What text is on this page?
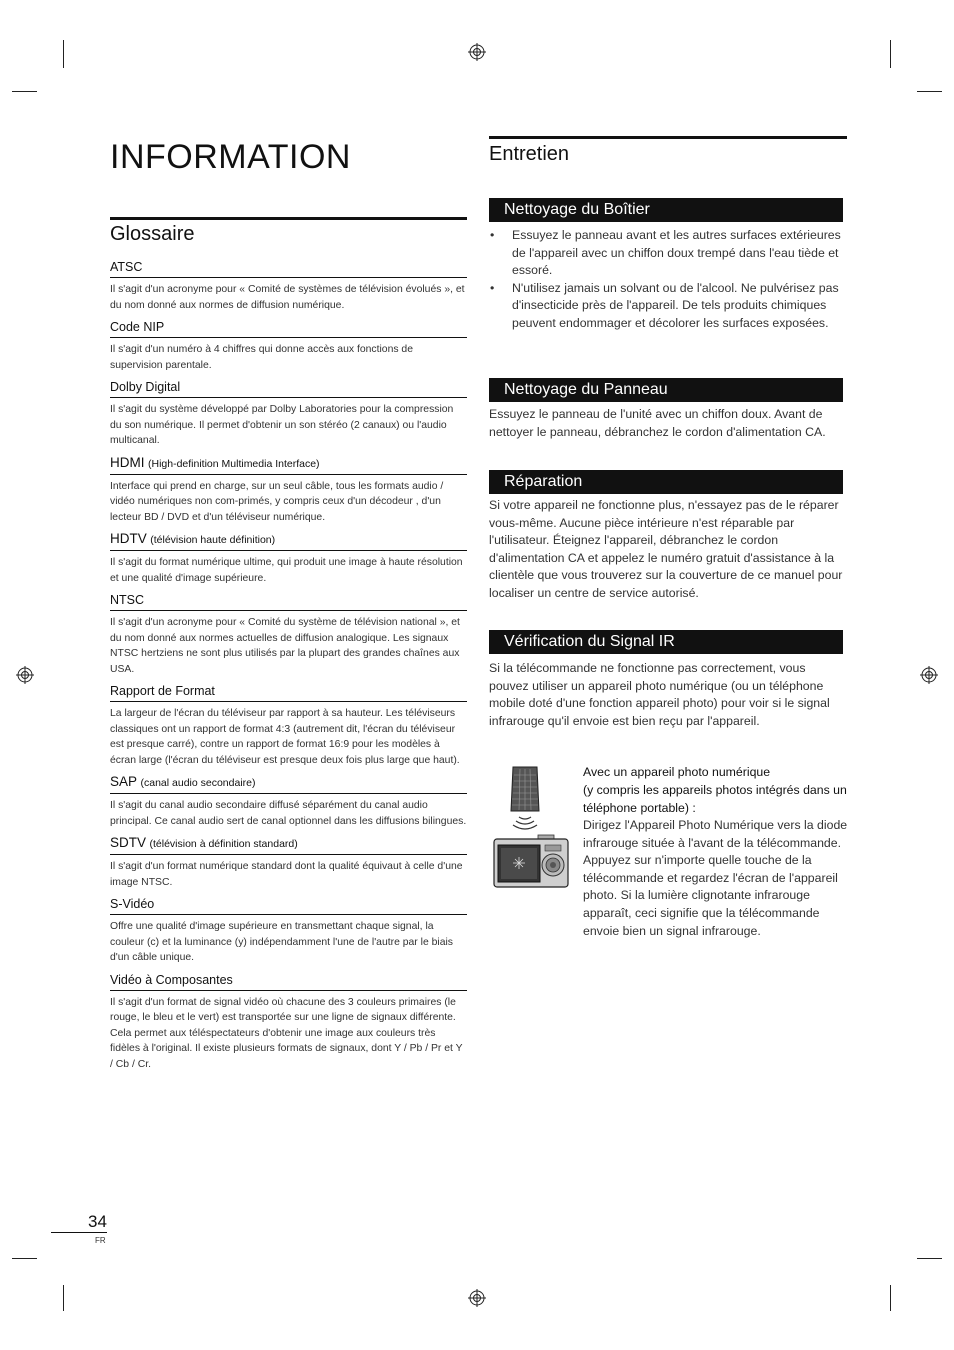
INFORMATION
Glossaire
ATSC

Il s'agit d'un acronyme pour « Comité de systèmes de télévision évolués », et du nom donné aux normes de diffusion numérique.

Code NIP

Il s'agit d'un numéro à 4 chiffres qui donne accès aux fonctions de supervision parentale.

Dolby Digital

Il s'agit du système développé par Dolby Laboratories pour la compression du son numérique. Il permet d'obtenir un son stéréo (2 canaux) ou l'audio multicanal.

HDMI (High-definition Multimedia Interface)

Interface qui prend en charge, sur un seul câble, tous les formats audio / vidéo numériques non com-primés, y compris ceux d'un décodeur , d'un lecteur BD / DVD et d'un téléviseur numérique.

HDTV (télévision haute définition)

Il s'agit du format numérique ultime, qui produit une image à haute résolution et une qualité d'image supérieure.

NTSC

Il s'agit d'un acronyme pour « Comité du système de télévision national », et du nom donné aux normes actuelles de diffusion analogique. Les signaux NTSC hertziens ne sont plus utilisés par la plupart des grandes chaînes aux USA.

Rapport de Format

La largeur de l'écran du téléviseur par rapport à sa hauteur. Les téléviseurs classiques ont un rapport de format 4:3 (autrement dit, l'écran du téléviseur est presque carré), contre un rapport de format 16:9 pour les modèles à écran large (l'écran du téléviseur est presque deux fois plus large que haut).

SAP (canal audio secondaire)

Il s'agit du canal audio secondaire diffusé séparément du canal audio principal. Ce canal audio sert de canal optionnel dans les diffusions bilingues.

SDTV (télévision à définition standard)

Il s'agit d'un format numérique standard dont la qualité équivaut à celle d'une image NTSC.

S-Vidéo

Offre une qualité d'image supérieure en transmettant chaque signal, la couleur (c) et la luminance (y) indépendamment l'une de l'autre par le biais d'un câble unique.

Vidéo à Composantes

Il s'agit d'un format de signal vidéo où chacune des 3 couleurs primaires (le rouge, le bleu et le vert) est transportée sur une ligne de signaux différente. Cela permet aux téléspectateurs d'obtenir une image aux couleurs très fidèles à l'original. Il existe plusieurs formats de signaux, dont Y / Pb / Pr et Y / Cb / Cr.

Entretien
Nettoyage du Boîtier
• Essuyez le panneau avant et les autres surfaces extérieures de l'appareil avec un chiffon doux trempé dans l'eau tiède et essoré.
• N'utilisez jamais un solvant ou de l'alcool. Ne pulvérisez pas d'insecticide près de l'appareil. De tels produits chimiques peuvent endommager et décolorer les surfaces exposées.
Nettoyage du Panneau

Essuyez le panneau de l'unité avec un chiffon doux. Avant de nettoyer le panneau, débranchez le cordon d'alimentation CA.

Réparation

Si votre appareil ne fonctionne plus, n'essayez pas de le réparer vous-même. Aucune pièce intérieure n'est réparable par l'utilisateur. Éteignez l'appareil, débranchez le cordon d'alimentation CA et appelez le numéro gratuit d'assistance à la clientèle que vous trouverez sur la couverture de ce manuel pour localiser un centre de service autorisé.

Vérification du Signal IR

Si la télécommande ne fonctionne pas correctement, vous pouvez utiliser un appareil photo numérique (ou un téléphone mobile doté d'une fonction appareil photo) pour voir si le signal infrarouge qu'il envoie est bien reçu par l'appareil.

Avec un appareil photo numérique

(y compris les appareils photos intégrés dans un téléphone portable) :

Dirigez l'Appareil Photo Numérique vers la diode infrarouge située à l'avant de la télécommande. Appuyez sur n'importe quelle touche de la télécommande et regardez l'écran de l'appareil photo. Si la lumière clignotante infrarouge apparaît, ceci signifie que la télécommande envoie bien un signal infrarouge.

34
FR
